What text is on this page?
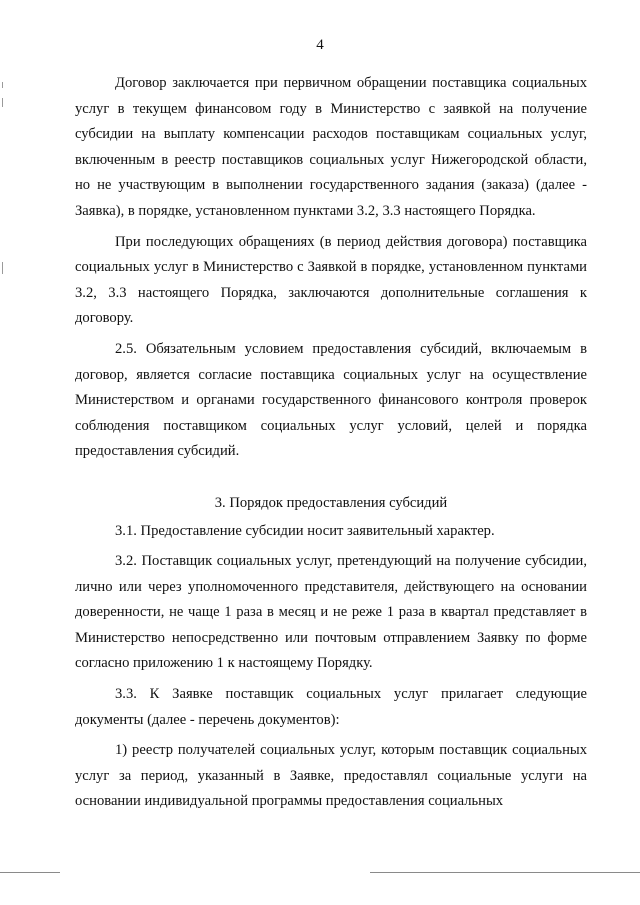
4

Договор заключается при первичном обращении поставщика социальных услуг в текущем финансовом году в Министерство с заявкой на получение субсидии на выплату компенсации расходов поставщикам социальных услуг, включенным в реестр поставщиков социальных услуг Нижегородской области, но не участвующим в выполнении государственного задания (заказа) (далее - Заявка), в порядке, установленном пунктами 3.2, 3.3 настоящего Порядка.

При последующих обращениях (в период действия договора) поставщика социальных услуг в Министерство с Заявкой в порядке, установленном пунктами 3.2, 3.3 настоящего Порядка, заключаются дополнительные соглашения к договору.

2.5. Обязательным условием предоставления субсидий, включаемым в договор, является согласие поставщика социальных услуг на осуществление Министерством и органами государственного финансового контроля проверок соблюдения поставщиком социальных услуг условий, целей и порядка предоставления субсидий.

3. Порядок предоставления субсидий

3.1. Предоставление субсидии носит заявительный характер.

3.2. Поставщик социальных услуг, претендующий на получение субсидии, лично или через уполномоченного представителя, действующего на основании доверенности, не чаще 1 раза в месяц и не реже 1 раза в квартал представляет в Министерство непосредственно или почтовым отправлением Заявку по форме согласно приложению 1 к настоящему Порядку.

3.3. К Заявке поставщик социальных услуг прилагает следующие документы (далее - перечень документов):

1) реестр получателей социальных услуг, которым поставщик социальных услуг за период, указанный в Заявке, предоставлял социальные услуги на основании индивидуальной программы предоставления социальных
